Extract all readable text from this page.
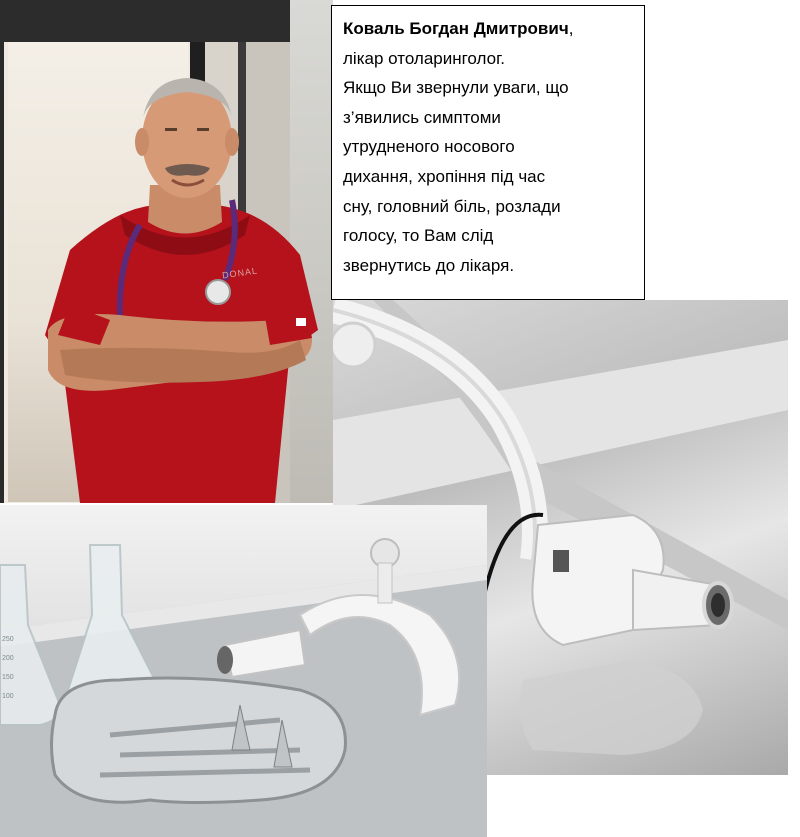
DONAL
250
200
150
100
Коваль Богдан Дмитрович,
лікар отоларинголог.
Якщо Ви звернули уваги, що
з’явились симптоми
утрудненого носового
дихання, хропіння під час
сну, головний біль, розлади
голосу, то Вам слід
звернутись до лікаря.
